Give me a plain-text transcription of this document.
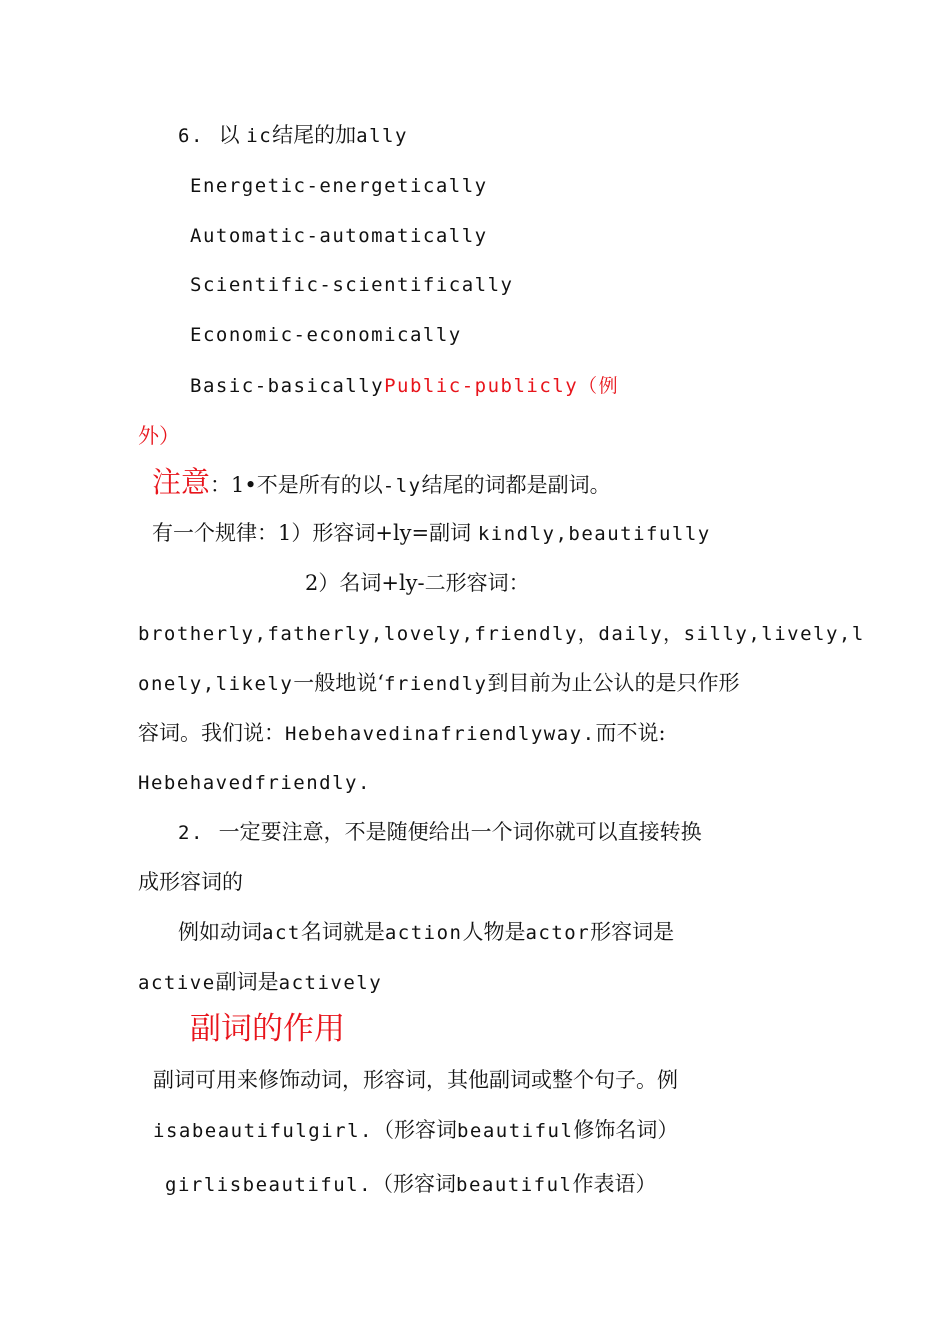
6. 以 ic结尾的加ally
Energetic-energetically
Automatic-automatically
Scientific-scientifically
Economic-economically
Basic-basicallyPublic-publicly（例
外）
注意：1•不是所有的以-ly结尾的词都是副词。
有一个规律：1）形容词+ly=副词 kindly,beautifully
2）名词+ly-二形容词：
brotherly,fatherly,lovely,friendly，daily，silly,lively,l
onely,likely一般地说‘friendly到目前为止公认的是只作形
容词。我们说：Hebehavedinafriendlyway.而不说:
Hebehavedfriendly.
2. 一定要注意，不是随便给出一个词你就可以直接转换
成形容词的
例如动词act名词就是action人物是actor形容词是
active副词是actively
副词的作用
副词可用来修饰动词，形容词，其他副词或整个句子。例
isabeautifulgirl.（形容词beautiful修饰名词）
girlisbeautiful.（形容词beautiful作表语）
